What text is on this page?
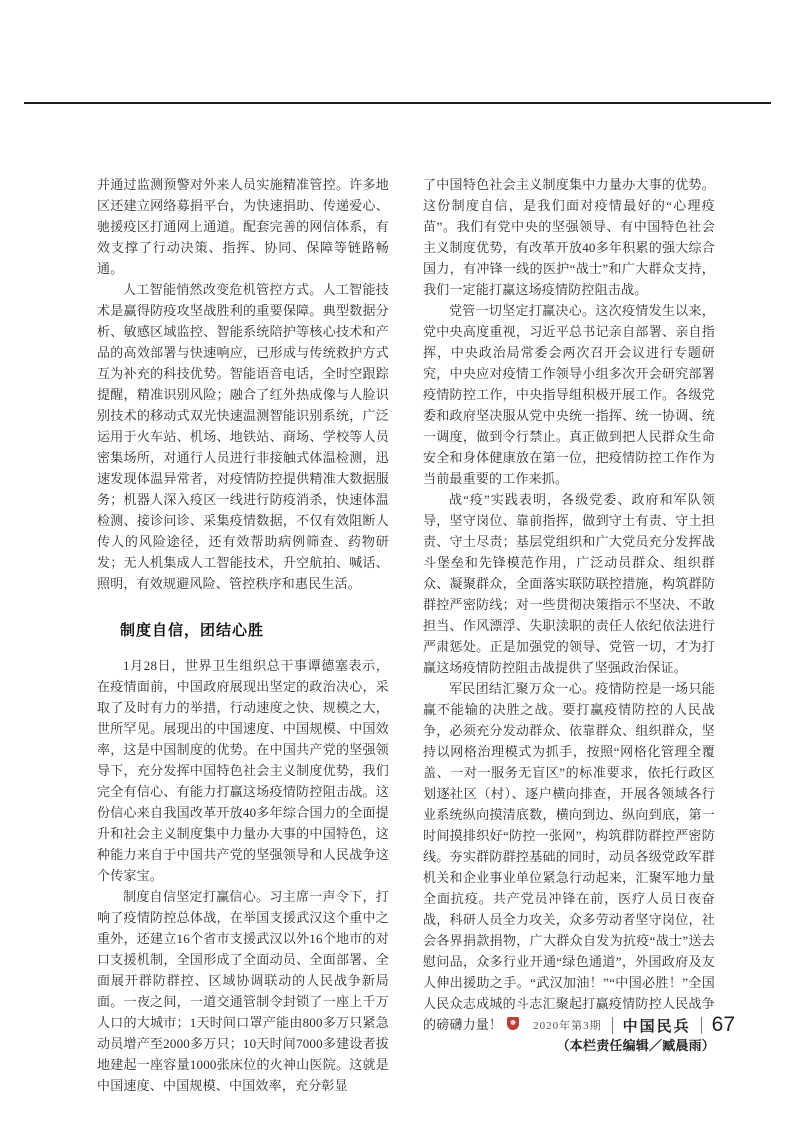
并通过监测预警对外来人员实施精准管控。许多地区还建立网络募捐平台，为快速捐助、传递爱心、驰援疫区打通网上通道。配套完善的网信体系，有效支撑了行动决策、指挥、协同、保障等链路畅通。

人工智能悄然改变危机管控方式。人工智能技术是赢得防疫攻坚战胜利的重要保障。典型数据分析、敏感区域监控、智能系统陪护等核心技术和产品的高效部署与快速响应，已形成与传统救护方式互为补充的科技优势。智能语音电话，全时空跟踪提醒，精准识别风险；融合了红外热成像与人脸识别技术的移动式双光快速温测智能识别系统，广泛运用于火车站、机场、地铁站、商场、学校等人员密集场所，对通行人员进行非接触式体温检测，迅速发现体温异常者，对疫情防控提供精准大数据服务；机器人深入疫区一线进行防疫消杀，快速体温检测、接诊问诊、采集疫情数据，不仅有效阻断人传人的风险途径，还有效帮助病例筛查、药物研发；无人机集成人工智能技术，升空航拍、喊话、照明，有效规避风险、管控秩序和惠民生活。

制度自信，团结心胜

1月28日，世界卫生组织总干事谭德塞表示，在疫情面前，中国政府展现出坚定的政治决心，采取了及时有力的举措，行动速度之快、规模之大，世所罕见。展现出的中国速度、中国规模、中国效率，这是中国制度的优势。在中国共产党的坚强领导下，充分发挥中国特色社会主义制度优势，我们完全有信心、有能力打赢这场疫情防控阻击战。这份信心来自我国改革开放40多年综合国力的全面提升和社会主义制度集中力量办大事的中国特色，这种能力来自于中国共产党的坚强领导和人民战争这个传家宝。

制度自信坚定打赢信心。习主席一声令下，打响了疫情防控总体战，在举国支援武汉这个重中之重外，还建立16个省市支援武汉以外16个地市的对口支援机制，全国形成了全面动员、全面部署、全面展开群防群控、区域协调联动的人民战争新局面。一夜之间，一道交通管制令封锁了一座上千万人口的大城市；1天时间口罩产能由800多万只紧急动员增产至2000多万只；10天时间7000多建设者拔地建起一座容量1000张床位的火神山医院。这就是中国速度、中国规模、中国效率，充分彰显

了中国特色社会主义制度集中力量办大事的优势。这份制度自信，是我们面对疫情最好的“心理疫苗”。我们有党中央的坚强领导、有中国特色社会主义制度优势，有改革开放40多年积累的强大综合国力，有冲锋一线的医护“战士”和广大群众支持，我们一定能打赢这场疫情防控阻击战。

党管一切坚定打赢决心。这次疫情发生以来，党中央高度重视，习近平总书记亲自部署、亲自指挥，中央政治局常委会两次召开会议进行专题研究，中央应对疫情工作领导小组多次开会研究部署疫情防控工作，中央指导组积极开展工作。各级党委和政府坚决服从党中央统一指挥、统一协调、统一调度，做到令行禁止。真正做到把人民群众生命安全和身体健康放在第一位，把疫情防控工作作为当前最重要的工作来抓。

战“疫”实践表明，各级党委、政府和军队领导，坚守岗位、靠前指挥，做到守土有责、守土担责、守土尽责；基层党组织和广大党员充分发挥战斗堡垒和先锋模范作用，广泛动员群众、组织群众、凝聚群众，全面落实联防联控措施，构筑群防群控严密防线；对一些贯彻决策指示不坚决、不敢担当、作风漂浮、失职渎职的责任人依纪依法进行严肃惩处。正是加强党的领导、党管一切，才为打赢这场疫情防控阻击战提供了坚强政治保证。

军民团结汇聚万众一心。疫情防控是一场只能赢不能输的决胜之战。要打赢疫情防控的人民战争，必须充分发动群众、依靠群众、组织群众，坚持以网格治理模式为抓手，按照“网格化管理全覆盖、一对一服务无盲区”的标准要求，依托行政区划逐社区（村）、逐户横向排查，开展各领域各行业系统纵向摸清底数，横向到边、纵向到底，第一时间摸排织好“防控一张网”，构筑群防群控严密防线。夯实群防群控基础的同时，动员各级党政军群机关和企业事业单位紧急行动起来，汇聚军地力量全面抗疫。共产党员冲锋在前，医疗人员日夜奋战，科研人员全力攻关，众多劳动者坚守岗位，社会各界捐款捐物，广大群众自发为抗疫“战士”送去慰问品，众多行业开通“绿色通道”，外国政府及友人伸出援助之手。“武汉加油！”“中国必胜！”全国人民众志成城的斗志汇聚起打赢疫情防控人民战争的磅礴力量！

（本栏责任编辑／臧晨雨）

2020年第3期 中国民兵 67
